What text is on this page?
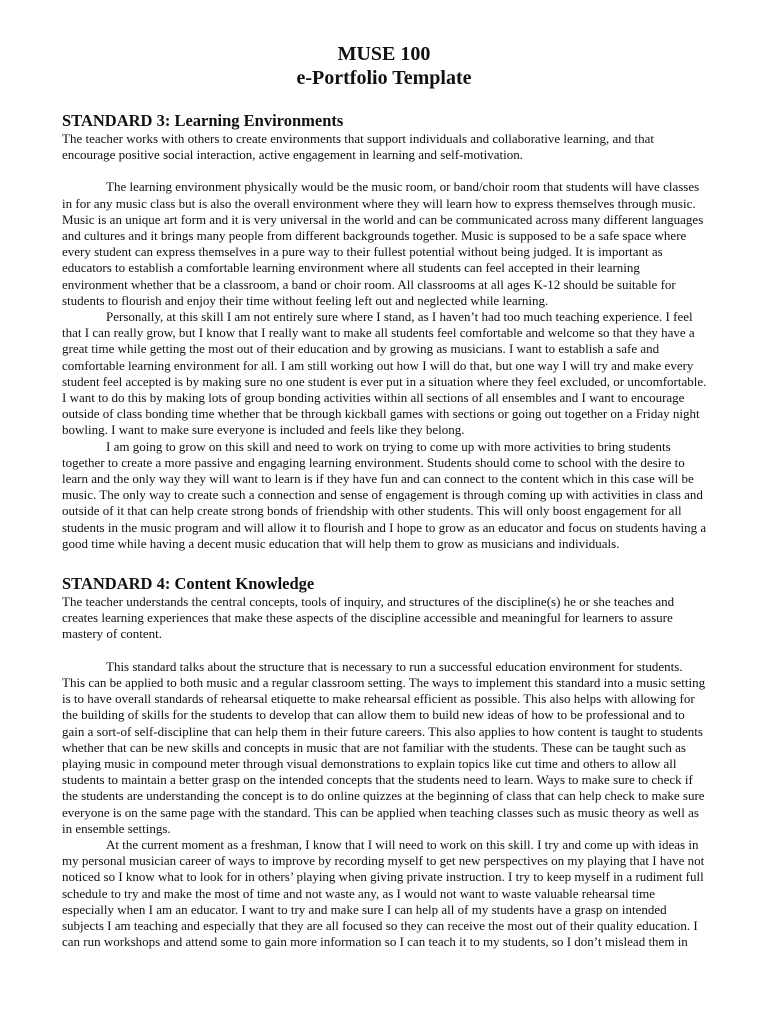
MUSE 100

e-Portfolio Template

STANDARD 3: Learning Environments

The teacher works with others to create environments that support individuals and collaborative learning, and that encourage positive social interaction, active engagement in learning and self-motivation.

The learning environment physically would be the music room, or band/choir room that students will have classes in for any music class but is also the overall environment where they will learn how to express themselves through music. Music is an unique art form and it is very universal in the world and can be communicated across many different languages and cultures and it brings many people from different backgrounds together. Music is supposed to be a safe space where every student can express themselves in a pure way to their fullest potential without being judged. It is important as educators to establish a comfortable learning environment where all students can feel accepted in their learning environment whether that be a classroom, a band or choir room. All classrooms at all ages K-12 should be suitable for students to flourish and enjoy their time without feeling left out and neglected while learning.

Personally, at this skill I am not entirely sure where I stand, as I haven’t had too much teaching experience. I feel that I can really grow, but I know that I really want to make all students feel comfortable and welcome so that they have a great time while getting the most out of their education and by growing as musicians. I want to establish a safe and comfortable learning environment for all. I am still working out how I will do that, but one way I will try and make every student feel accepted is by making sure no one student is ever put in a situation where they feel excluded, or uncomfortable. I want to do this by making lots of group bonding activities within all sections of all ensembles and I want to encourage outside of class bonding time whether that be through kickball games with sections or going out together on a Friday night bowling. I want to make sure everyone is included and feels like they belong.

I am going to grow on this skill and need to work on trying to come up with more activities to bring students together to create a more passive and engaging learning environment. Students should come to school with the desire to learn and the only way they will want to learn is if they have fun and can connect to the content which in this case will be music. The only way to create such a connection and sense of engagement is through coming up with activities in class and outside of it that can help create strong bonds of friendship with other students. This will only boost engagement for all students in the music program and will allow it to flourish and I hope to grow as an educator and focus on students having a good time while having a decent music education that will help them to grow as musicians and individuals.

STANDARD 4: Content Knowledge

The teacher understands the central concepts, tools of inquiry, and structures of the discipline(s) he or she teaches and creates learning experiences that make these aspects of the discipline accessible and meaningful for learners to assure mastery of content.

This standard talks about the structure that is necessary to run a successful education environment for students. This can be applied to both music and a regular classroom setting. The ways to implement this standard into a music setting is to have overall standards of rehearsal etiquette to make rehearsal efficient as possible. This also helps with allowing for the building of skills for the students to develop that can allow them to build new ideas of how to be professional and to gain a sort-of self-discipline that can help them in their future careers. This also applies to how content is taught to students whether that can be new skills and concepts in music that are not familiar with the students. These can be taught such as playing music in compound meter through visual demonstrations to explain topics like cut time and others to allow all students to maintain a better grasp on the intended concepts that the students need to learn. Ways to make sure to check if the students are understanding the concept is to do online quizzes at the beginning of class that can help check to make sure everyone is on the same page with the standard. This can be applied when teaching classes such as music theory as well as in ensemble settings.

At the current moment as a freshman, I know that I will need to work on this skill. I try and come up with ideas in my personal musician career of ways to improve by recording myself to get new perspectives on my playing that I have not noticed so I know what to look for in others’ playing when giving private instruction. I try to keep myself in a rudiment full schedule to try and make the most of time and not waste any, as I would not want to waste valuable rehearsal time especially when I am an educator. I want to try and make sure I can help all of my students have a grasp on intended subjects I am teaching and especially that they are all focused so they can receive the most out of their quality education. I can run workshops and attend some to gain more information so I can teach it to my students, so I don’t mislead them in
